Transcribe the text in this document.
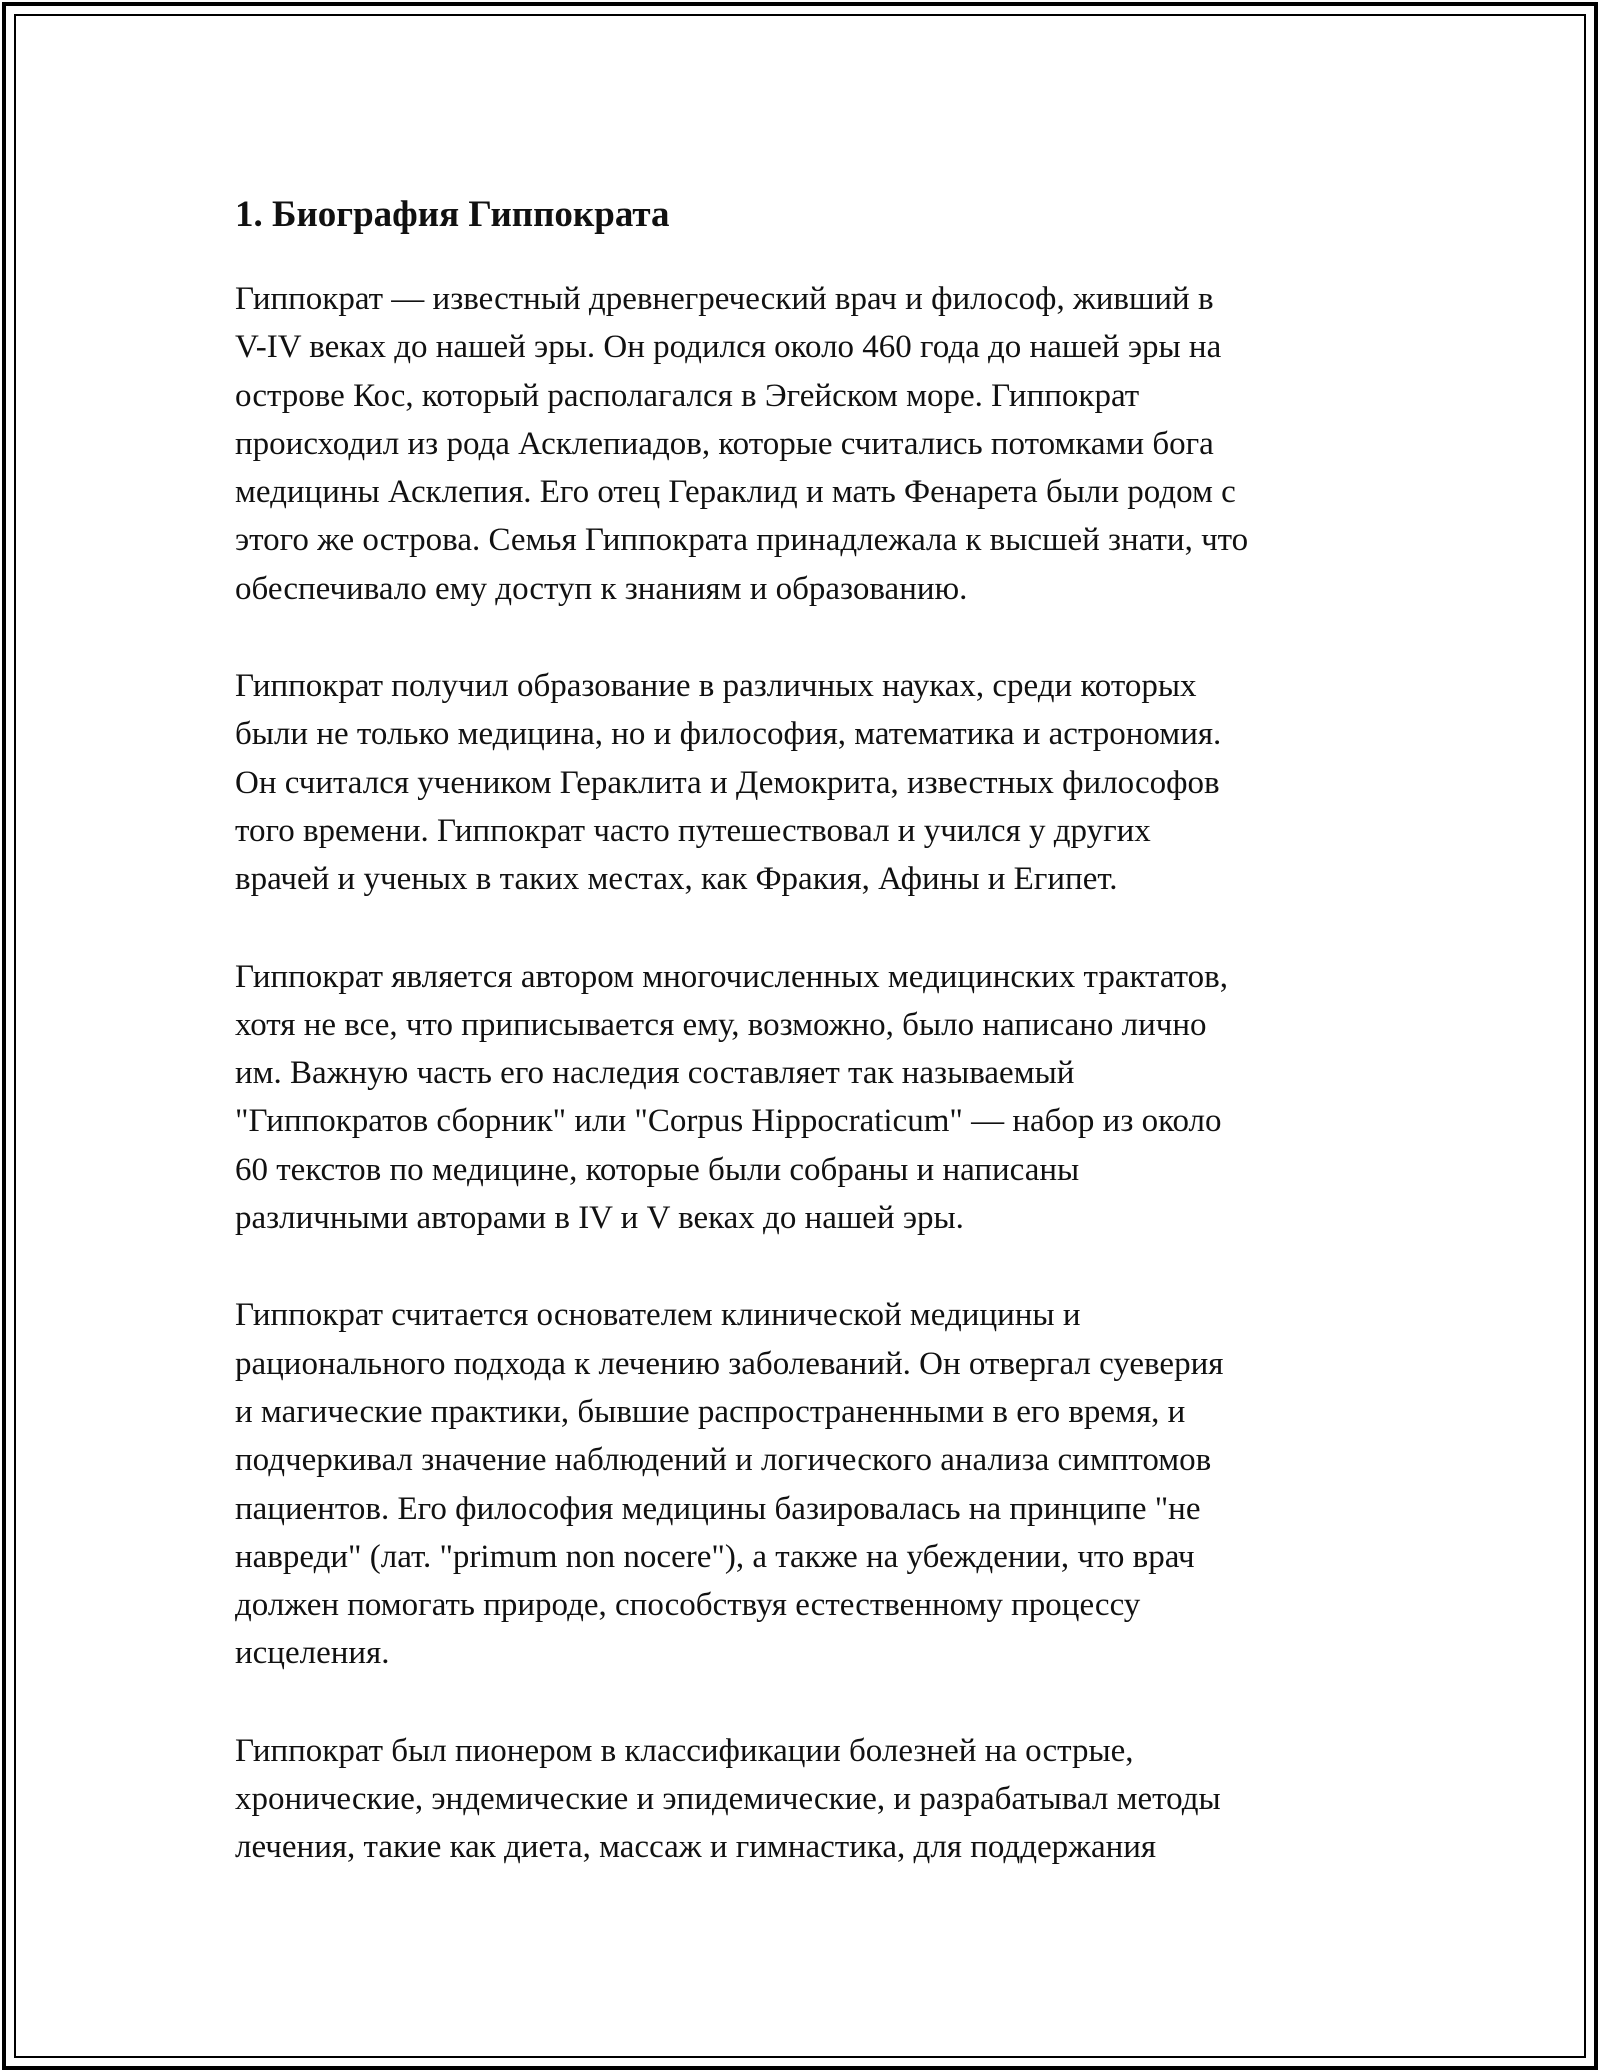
1. Биография Гиппократа

Гиппократ — известный древнегреческий врач и философ, живший в
V-IV веках до нашей эры. Он родился около 460 года до нашей эры на
острове Кос, который располагался в Эгейском море. Гиппократ
происходил из рода Асклепиадов, которые считались потомками бога
медицины Асклепия. Его отец Гераклид и мать Фенарета были родом с
этого же острова. Семья Гиппократа принадлежала к высшей знати, что
обеспечивало ему доступ к знаниям и образованию.

Гиппократ получил образование в различных науках, среди которых
были не только медицина, но и философия, математика и астрономия.
Он считался учеником Гераклита и Демокрита, известных философов
того времени. Гиппократ часто путешествовал и учился у других
врачей и ученых в таких местах, как Фракия, Афины и Египет.

Гиппократ является автором многочисленных медицинских трактатов,
хотя не все, что приписывается ему, возможно, было написано лично
им. Важную часть его наследия составляет так называемый
"Гиппократов сборник" или "Corpus Hippocraticum" — набор из около
60 текстов по медицине, которые были собраны и написаны
различными авторами в IV и V веках до нашей эры.

Гиппократ считается основателем клинической медицины и
рационального подхода к лечению заболеваний. Он отвергал суеверия
и магические практики, бывшие распространенными в его время, и
подчеркивал значение наблюдений и логического анализа симптомов
пациентов. Его философия медицины базировалась на принципе "не
навреди" (лат. "primum non nocere"), а также на убеждении, что врач
должен помогать природе, способствуя естественному процессу
исцеления.

Гиппократ был пионером в классификации болезней на острые,
хронические, эндемические и эпидемические, и разрабатывал методы
лечения, такие как диета, массаж и гимнастика, для поддержания
